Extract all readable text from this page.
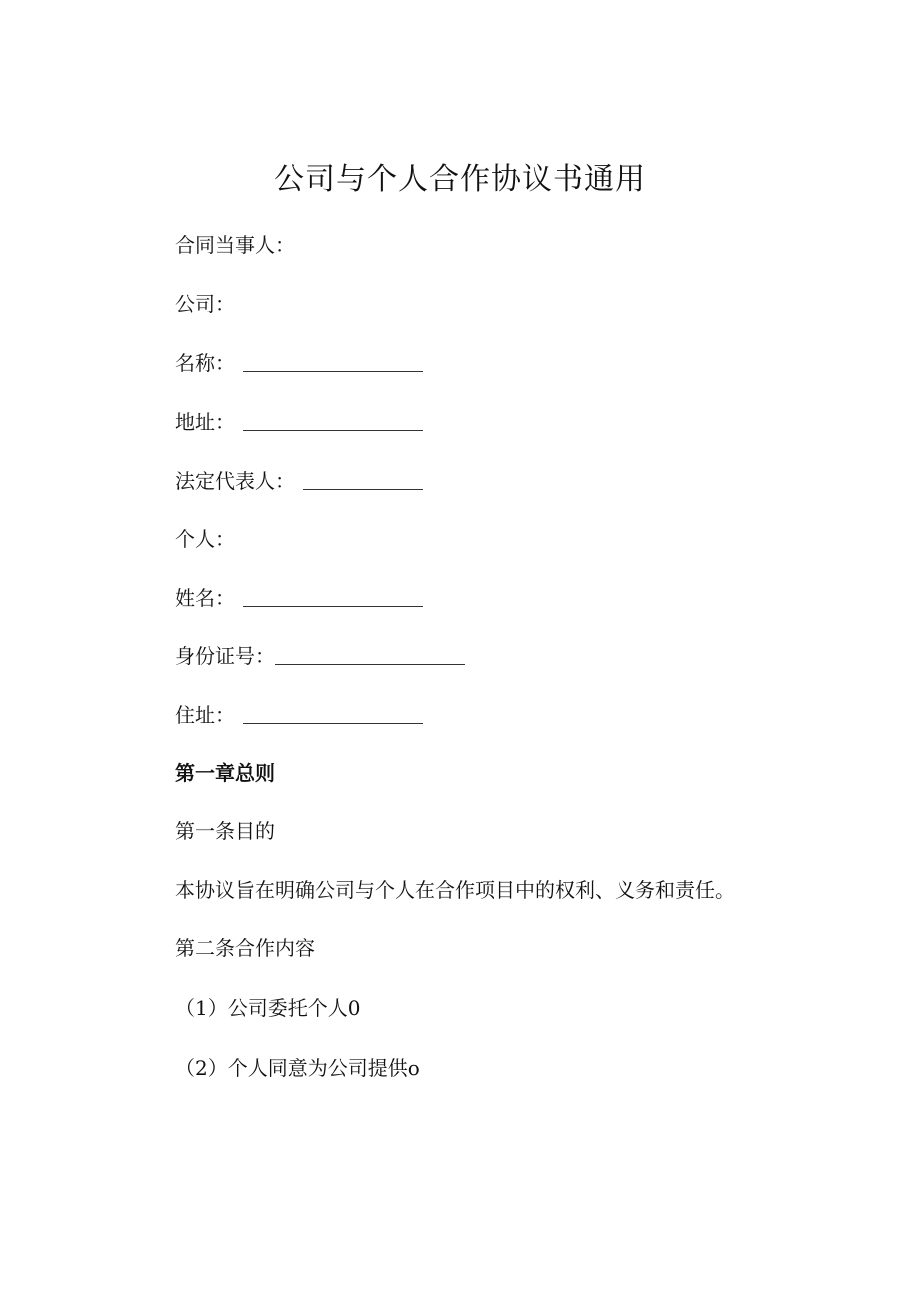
公司与个人合作协议书通用
合同当事人：
公司：
名称：
地址：
法定代表人：
个人：
姓名：
身份证号：
住址：
第一章总则
第一条目的
本协议旨在明确公司与个人在合作项目中的权利、义务和责任。
第二条合作内容
（1）公司委托个人0
（2）个人同意为公司提供o
